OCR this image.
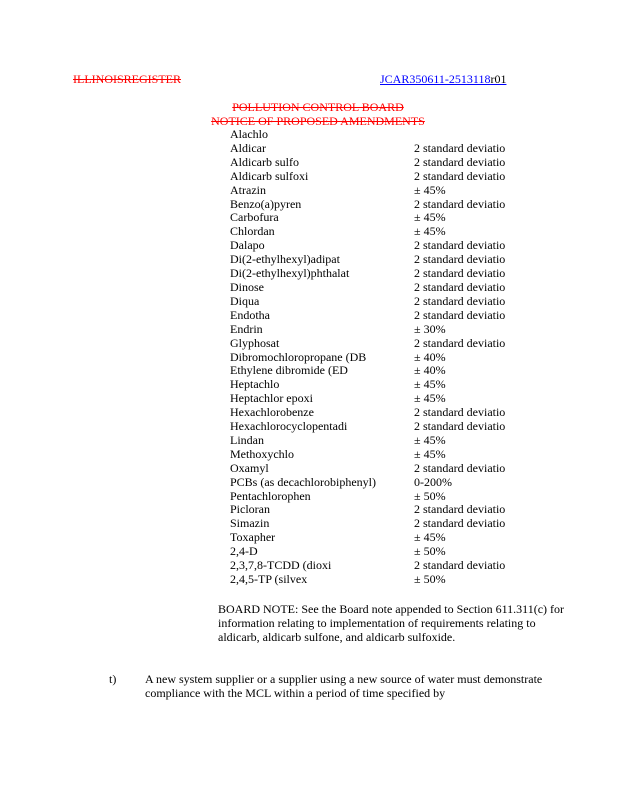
ILLINOISREGISTER	JCAR350611-2513118r01
POLLUTION CONTROL BOARD
NOTICE OF PROPOSED AMENDMENTS
Alachlo
Aldicar	2 standard deviatio
Aldicarb sulfo	2 standard deviatio
Aldicarb sulfoxi	2 standard deviatio
Atrazin	± 45%
Benzo(a)pyren	2 standard deviatio
Carbofura	± 45%
Chlordan	± 45%
Dalapo	2 standard deviatio
Di(2-ethylhexyl)adipat	2 standard deviatio
Di(2-ethylhexyl)phthalat	2 standard deviatio
Dinose	2 standard deviatio
Diqua	2 standard deviatio
Endotha	2 standard deviatio
Endrin	± 30%
Glyphosat	2 standard deviatio
Dibromochloropropane (DB	± 40%
Ethylene dibromide (ED	± 40%
Heptachlo	± 45%
Heptachlor epoxi	± 45%
Hexachlorobenze	2 standard deviatio
Hexachlorocyclopentadi	2 standard deviatio
Lindan	± 45%
Methoxychlo	± 45%
Oxamyl	2 standard deviatio
PCBs (as decachlorobiphenyl)	0-200%
Pentachlorophen	± 50%
Picloran	2 standard deviatio
Simazin	2 standard deviatio
Toxapher	± 45%
2,4-D	± 50%
2,3,7,8-TCDD (dioxi	2 standard deviatio
2,4,5-TP (silvex	± 50%
BOARD NOTE: See the Board note appended to Section 611.311(c) for information relating to implementation of requirements relating to aldicarb, aldicarb sulfone, and aldicarb sulfoxide.
t) A new system supplier or a supplier using a new source of water must demonstrate compliance with the MCL within a period of time specified by
